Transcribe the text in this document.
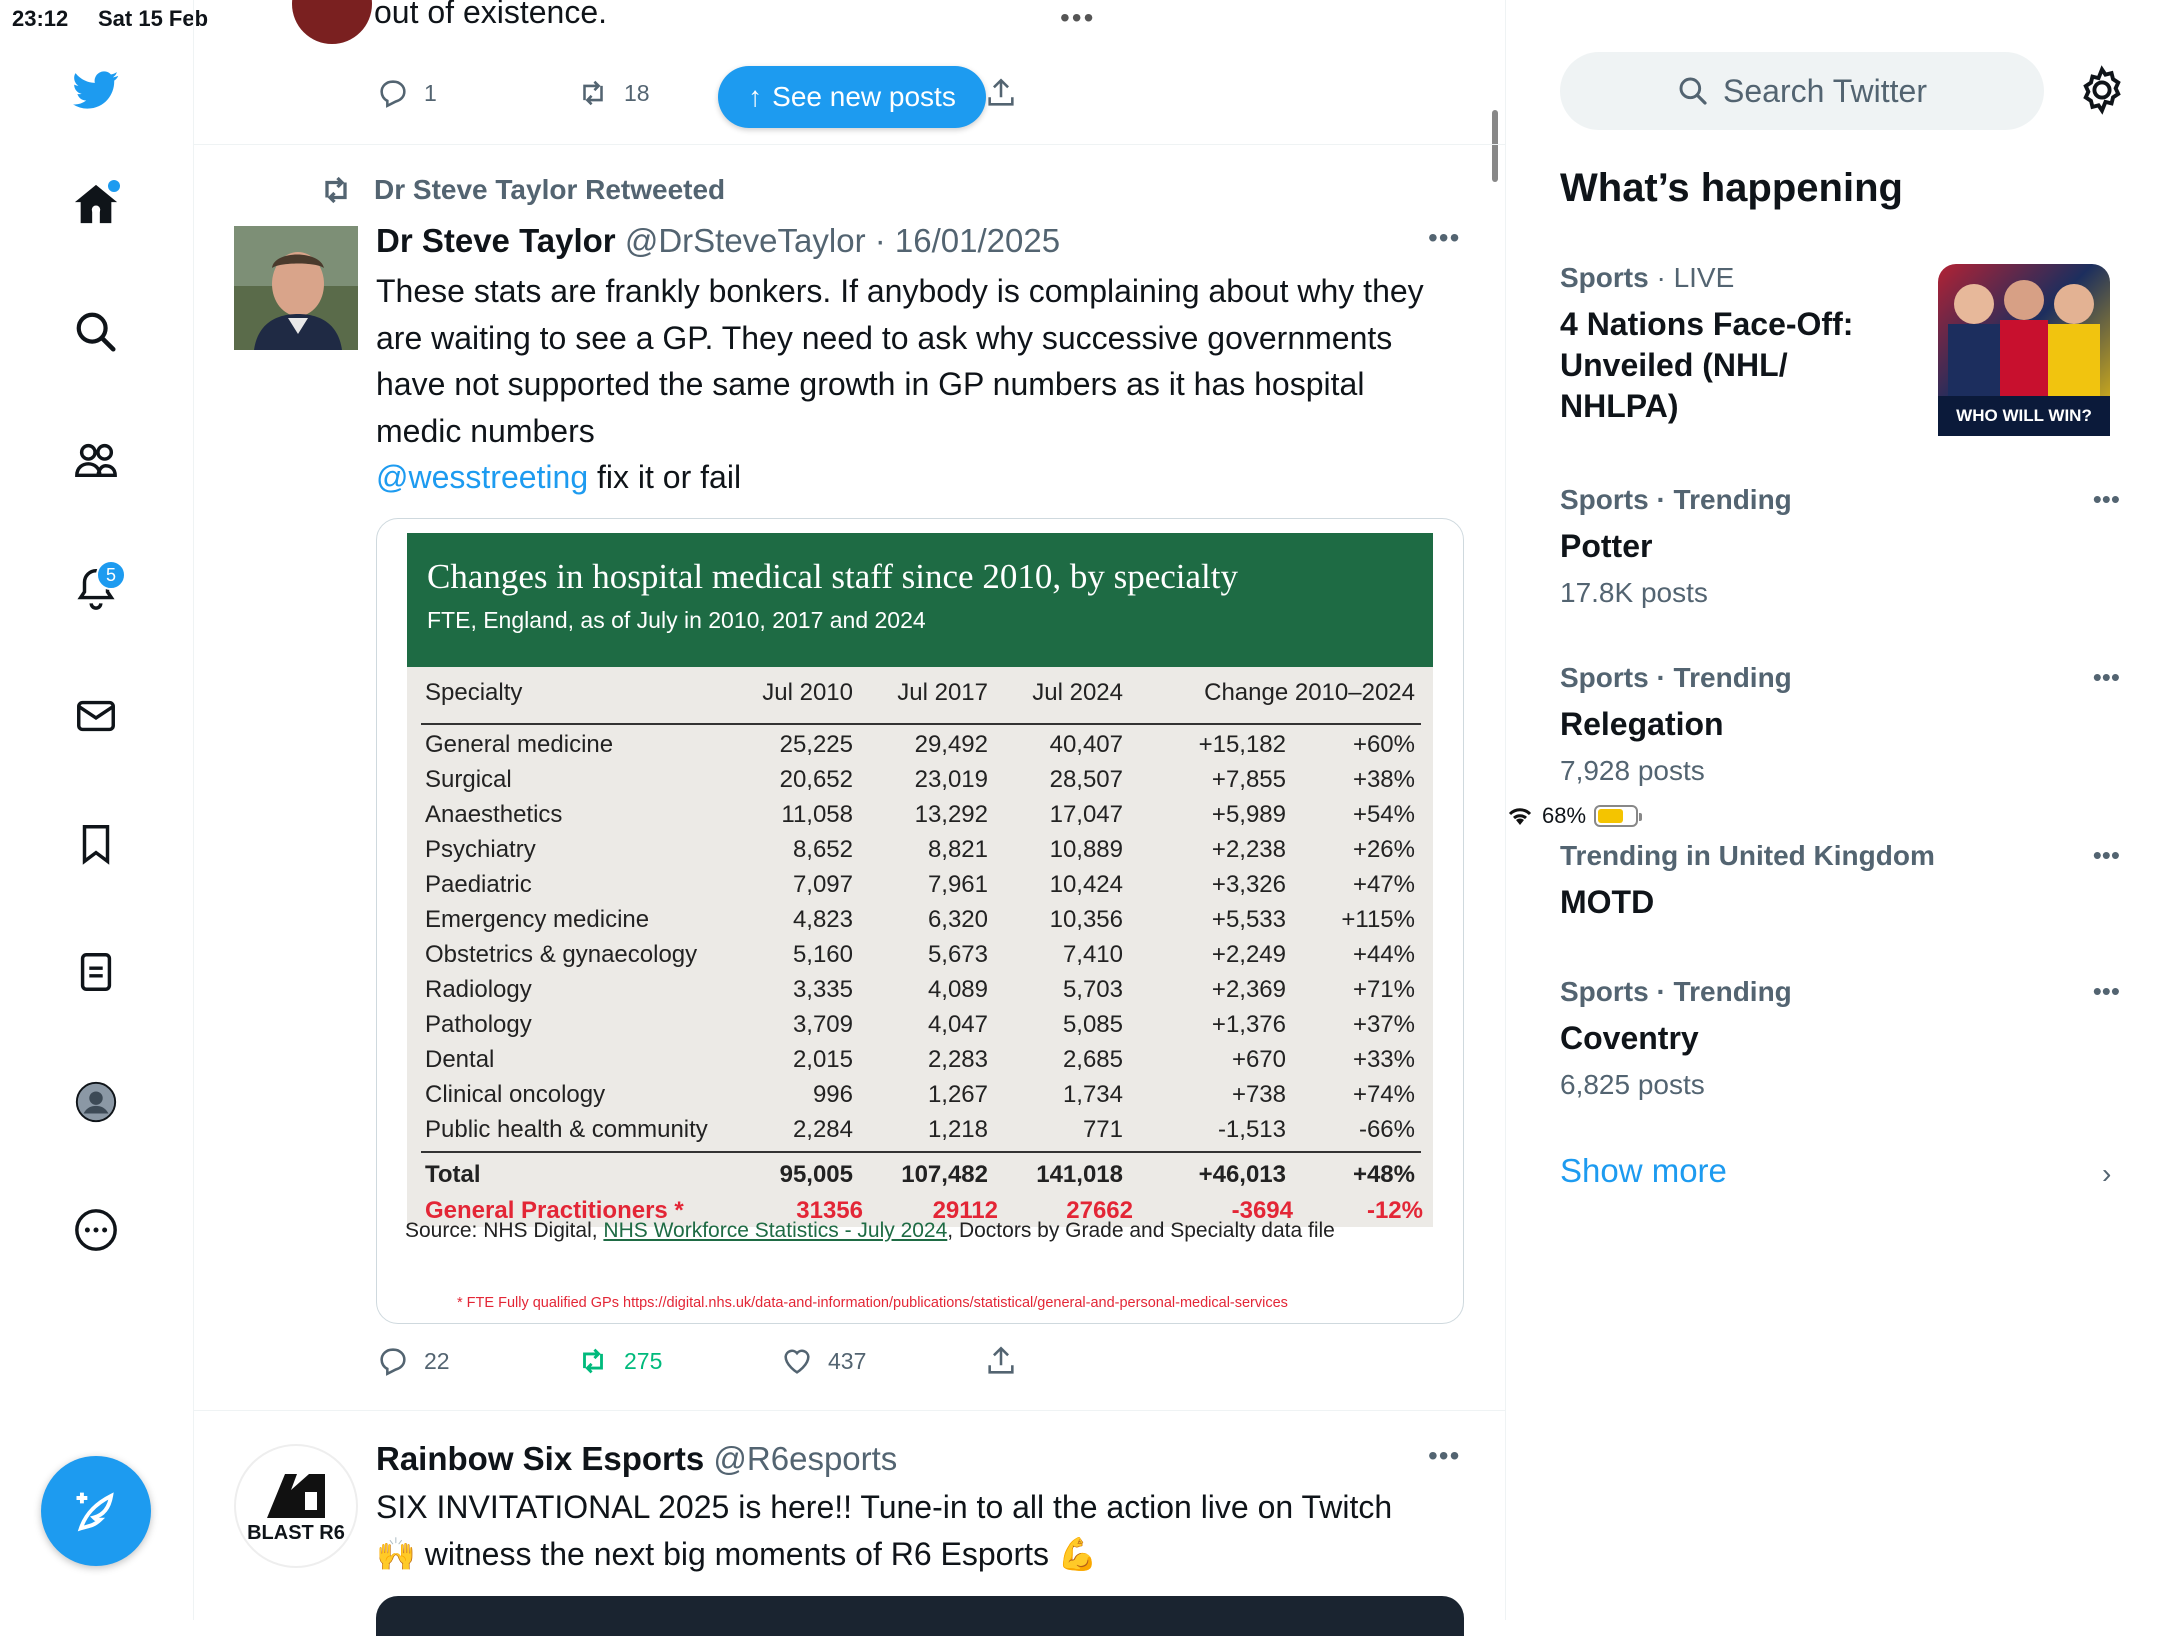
23:12 Sat 15 Feb	•••
68%
5
out of existence.
1	18	↑ See new posts
Dr Steve Taylor Retweeted
Dr Steve Taylor @DrSteveTaylor · 16/01/2025	•••
These stats are frankly bonkers. If anybody is complaining about why they are waiting to see a GP. They need to ask why successive governments have not supported the same growth in GP numbers as it has hospital medic numbers
@wesstreeting fix it or fail
Changes in hospital medical staff since 2010, by specialty
FTE, England, as of July in 2010, 2017 and 2024
Specialty	Jul 2010 Jul 2017 Jul 2024	Change 2010–2024
General medicine	25,225	29,492	40,407	+15,182	+60%
Surgical	20,652	23,019	28,507	+7,855	+38%
Anaesthetics	11,058	13,292	17,047	+5,989	+54%
Psychiatry	8,652	8,821	10,889	+2,238	+26%
Paediatric	7,097	7,961	10,424	+3,326	+47%
Emergency medicine	4,823	6,320	10,356	+5,533 +115%
Obstetrics & gynaecology	5,160	5,673	7,410	+2,249	+44%
Radiology	3,335	4,089	5,703	+2,369	+71%
Pathology	3,709	4,047	5,085	+1,376	+37%
Dental	2,015	2,283	2,685	+670	+33%
Clinical oncology	996	1,267	1,734	+738	+74%
Public health & community	2,284	1,218	771	-1,513	-66%
Total	95,005 107,482 141,018	+46,013	+48%
General Practitioners *	31356	29112	27662	-3694	-12%
Source: NHS Digital, NHS Workforce Statistics - July 2024, Doctors by Grade and Specialty data file
* FTE Fully qualified GPs https://digital.nhs.uk/data-and-information/publications/statistical/general-and-personal-medical-services
22	275	437
BLAST R6
Rainbow Six Esports @R6esports	•••
SIX INVITATIONAL 2025 is here!! Tune-in to all the action live on Twitch 🙌 witness the next big moments of R6 Esports 💪
Search Twitter
What’s happening
Sports · LIVE
4 Nations Face-Off: Unveiled (NHL/ NHLPA)	WHO WILL WIN?
Sports · Trending
Potter
17.8K posts
•••
Sports · Trending
Relegation
7,928 posts
•••
Trending in United Kingdom
MOTD
•••
Sports · Trending
Coventry
6,825 posts
•••
Show more	›
